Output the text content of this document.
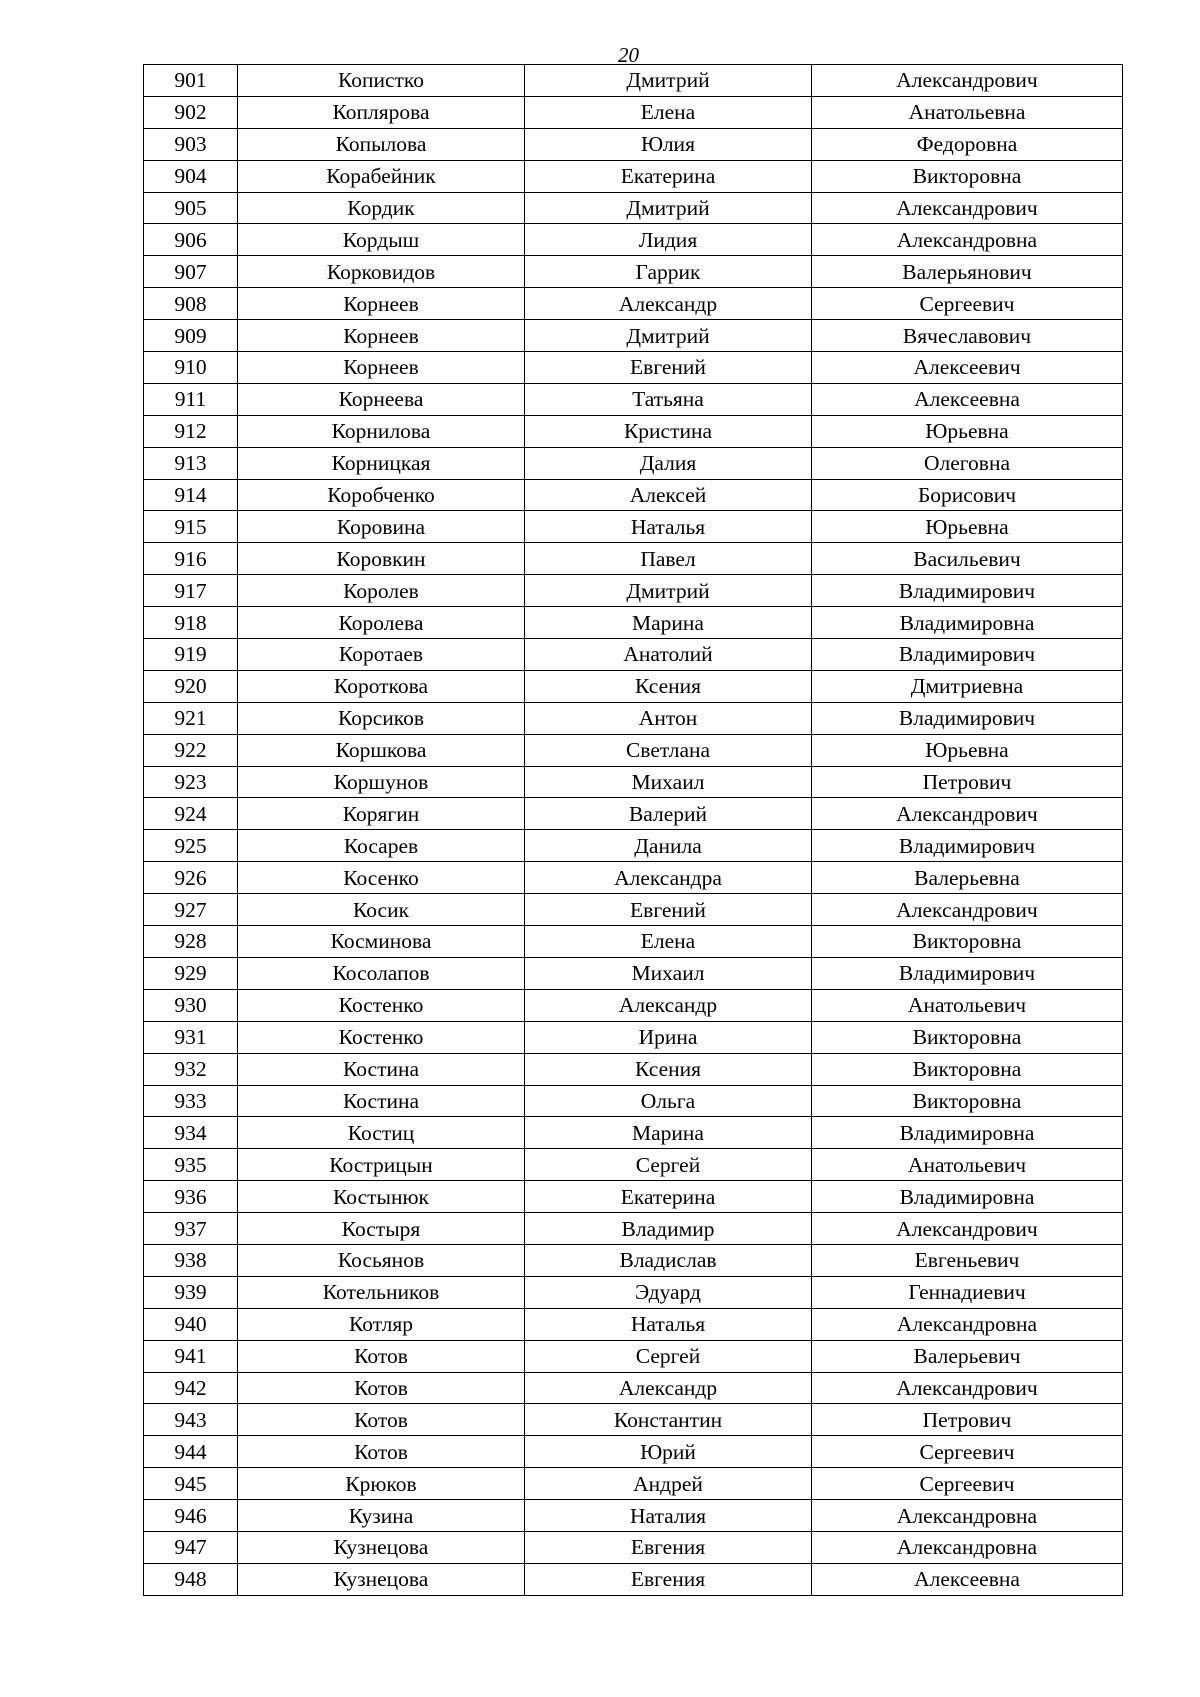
20
901	Копистко	Дмитрий	Александрович
902	Коплярова	Елена	Анатольевна
903	Копылова	Юлия	Федоровна
904	Корабейник	Екатерина	Викторовна
905	Кордик	Дмитрий	Александрович
906	Кордыш	Лидия	Александровна
907	Корковидов	Гаррик	Валерьянович
908	Корнеев	Александр	Сергеевич
909	Корнеев	Дмитрий	Вячеславович
910	Корнеев	Евгений	Алексеевич
911	Корнеева	Татьяна	Алексеевна
912	Корнилова	Кристина	Юрьевна
913	Корницкая	Далия	Олеговна
914	Коробченко	Алексей	Борисович
915	Коровина	Наталья	Юрьевна
916	Коровкин	Павел	Васильевич
917	Королев	Дмитрий	Владимирович
918	Королева	Марина	Владимировна
919	Коротаев	Анатолий	Владимирович
920	Короткова	Ксения	Дмитриевна
921	Корсиков	Антон	Владимирович
922	Коршкова	Светлана	Юрьевна
923	Коршунов	Михаил	Петрович
924	Корягин	Валерий	Александрович
925	Косарев	Данила	Владимирович
926	Косенко	Александра	Валерьевна
927	Косик	Евгений	Александрович
928	Косминова	Елена	Викторовна
929	Косолапов	Михаил	Владимирович
930	Костенко	Александр	Анатольевич
931	Костенко	Ирина	Викторовна
932	Костина	Ксения	Викторовна
933	Костина	Ольга	Викторовна
934	Костиц	Марина	Владимировна
935	Кострицын	Сергей	Анатольевич
936	Костынюк	Екатерина	Владимировна
937	Костыря	Владимир	Александрович
938	Косьянов	Владислав	Евгеньевич
939	Котельников	Эдуард	Геннадиевич
940	Котляр	Наталья	Александровна
941	Котов	Сергей	Валерьевич
942	Котов	Александр	Александрович
943	Котов	Константин	Петрович
944	Котов	Юрий	Сергеевич
945	Крюков	Андрей	Сергеевич
946	Кузина	Наталия	Александровна
947	Кузнецова	Евгения	Александровна
948	Кузнецова	Евгения	Алексеевна
